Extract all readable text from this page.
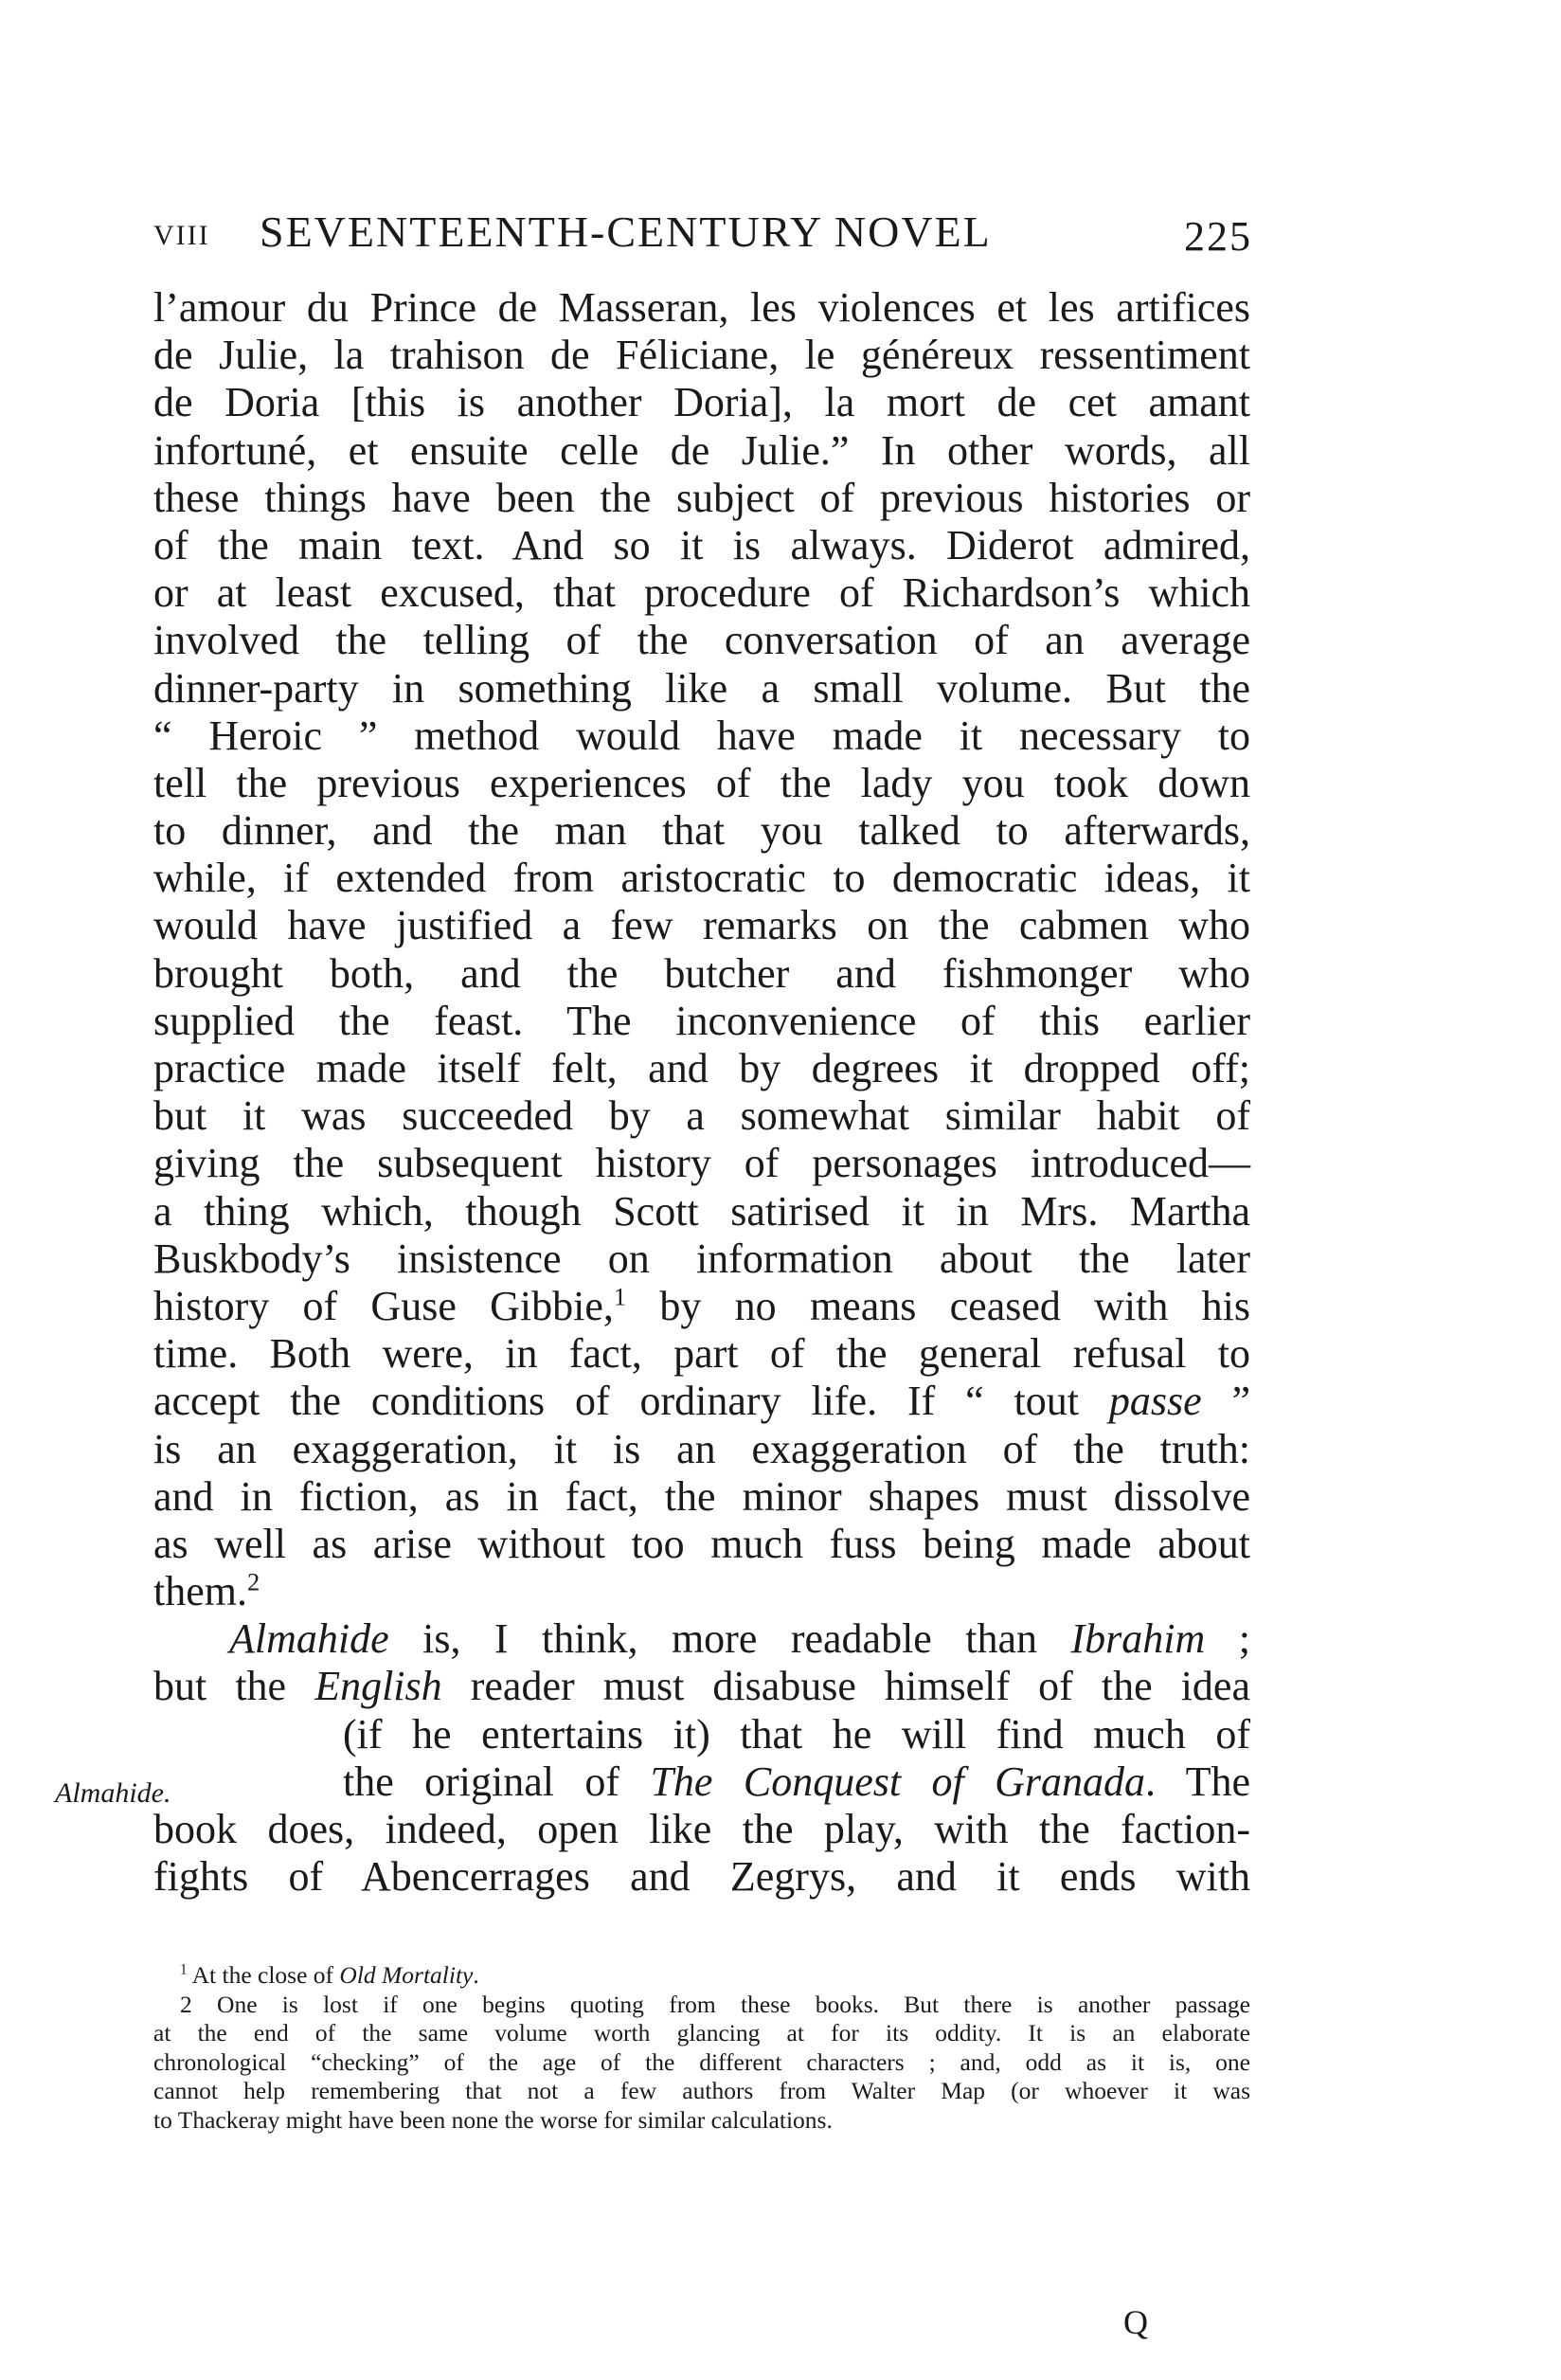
VIII SEVENTEENTH-CENTURY NOVEL	225
l’amour du Prince de Masseran, les violences et les artifices
de Julie, la trahison de Féliciane, le généreux ressentiment
de Doria [this is another Doria], la mort de cet amant
infortuné, et ensuite celle de Julie.” In other words, all
these things have been the subject of previous histories or
of the main text. And so it is always. Diderot admired,
or at least excused, that procedure of Richardson’s which
involved the telling of the conversation of an average
dinner-party in something like a small volume. But the
“ Heroic ” method would have made it necessary to
tell the previous experiences of the lady you took down
to dinner, and the man that you talked to afterwards,
while, if extended from aristocratic to democratic ideas, it
would have justified a few remarks on the cabmen who
brought both, and the butcher and fishmonger who
supplied the feast. The inconvenience of this earlier
practice made itself felt, and by degrees it dropped off;
but it was succeeded by a somewhat similar habit of
giving the subsequent history of personages introduced—
a thing which, though Scott satirised it in Mrs. Martha
Buskbody’s insistence on information about the later
history of Guse Gibbie,$^1$ by no means ceased with his
time. Both were, in fact, part of the general refusal to
accept the conditions of ordinary life. If “ tout passe ”
is an exaggeration, it is an exaggeration of the truth:
and in fiction, as in fact, the minor shapes must dissolve
as well as arise without too much fuss being made about
them.$^2$
Almahide is, I think, more readable than Ibrahim ;
but the English reader must disabuse himself of the idea
(if he entertains it) that he will find much of
the original of The Conquest of Granada. The
book does, indeed, open like the play, with the faction-
fights of Abencerrages and Zegrys, and it ends with
Almahide.
$^1$ At the close of Old Mortality.
2 One is lost if one begins quoting from these books. But there is another passage
at the end of the same volume worth glancing at for its oddity. It is an elaborate
chronological “checking” of the age of the different characters ; and, odd as it is, one
cannot help remembering that not a few authors from Walter Map (or whoever it was
to Thackeray might have been none the worse for similar calculations.
Q
